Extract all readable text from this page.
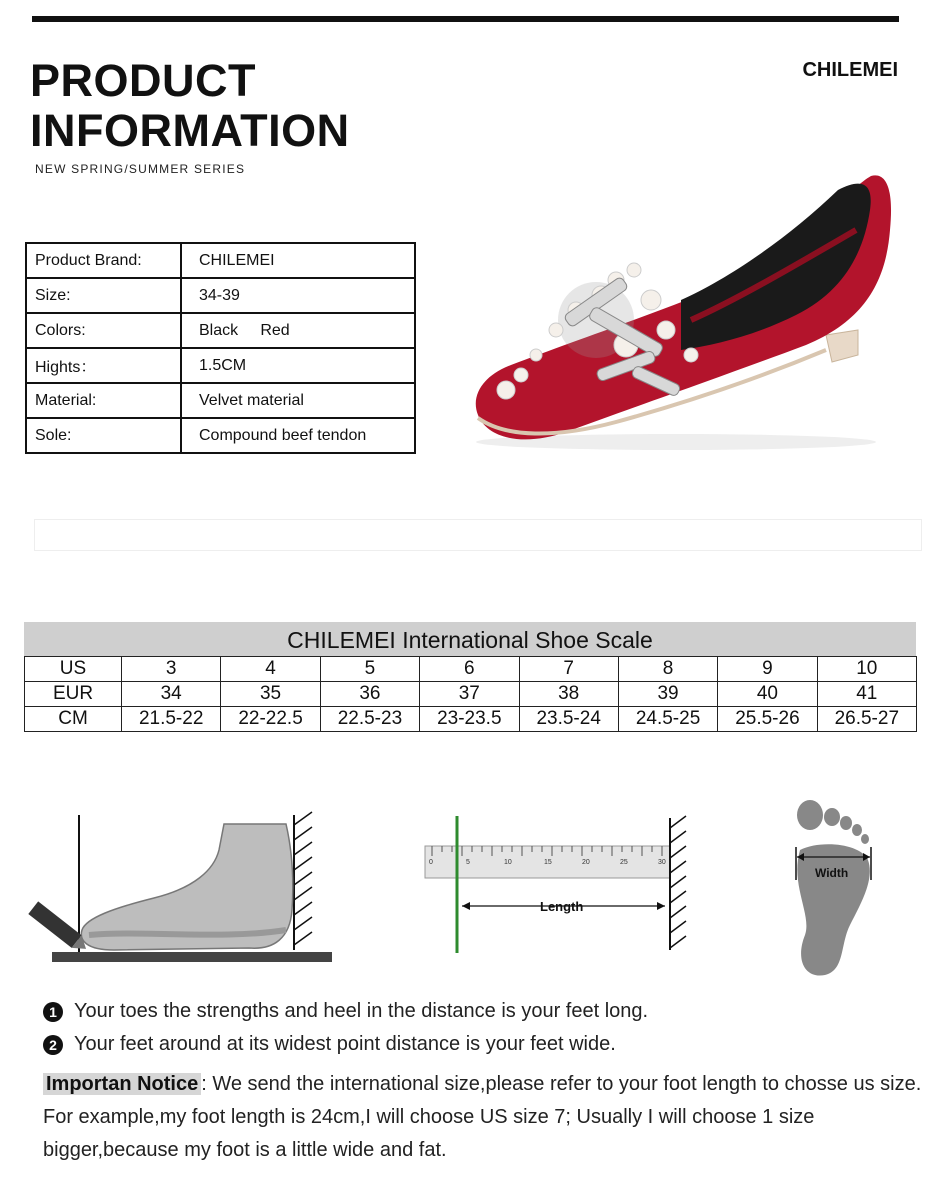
PRODUCT
INFORMATION
NEW SPRING/SUMMER SERIES
CHILEMEI
Product Brand:	CHILEMEI
Size:	34-39
Colors:	Black     Red
Hights：	1.5CM
Material:	Velvet material
Sole:	Compound beef tendon
CHILEMEI International Shoe Scale
US	3	4	5	6	7	8	9	10
EUR	34	35	36	37	38	39	40	41
CM	21.5-22	22-22.5	22.5-23	23-23.5	23.5-24	24.5-25	25.5-26	26.5-27
0	5	10	15	20	25	30
Length
Width
1 Your toes the strengths and heel in the distance is your feet long.
2 Your feet around at its widest point distance is your feet wide.
Importan Notice : We send the international size,please refer to your foot length to chosse us size. For example,my foot length is 24cm,I will choose US size 7; Usually I will choose 1 size bigger,because my foot is a little wide and fat.
